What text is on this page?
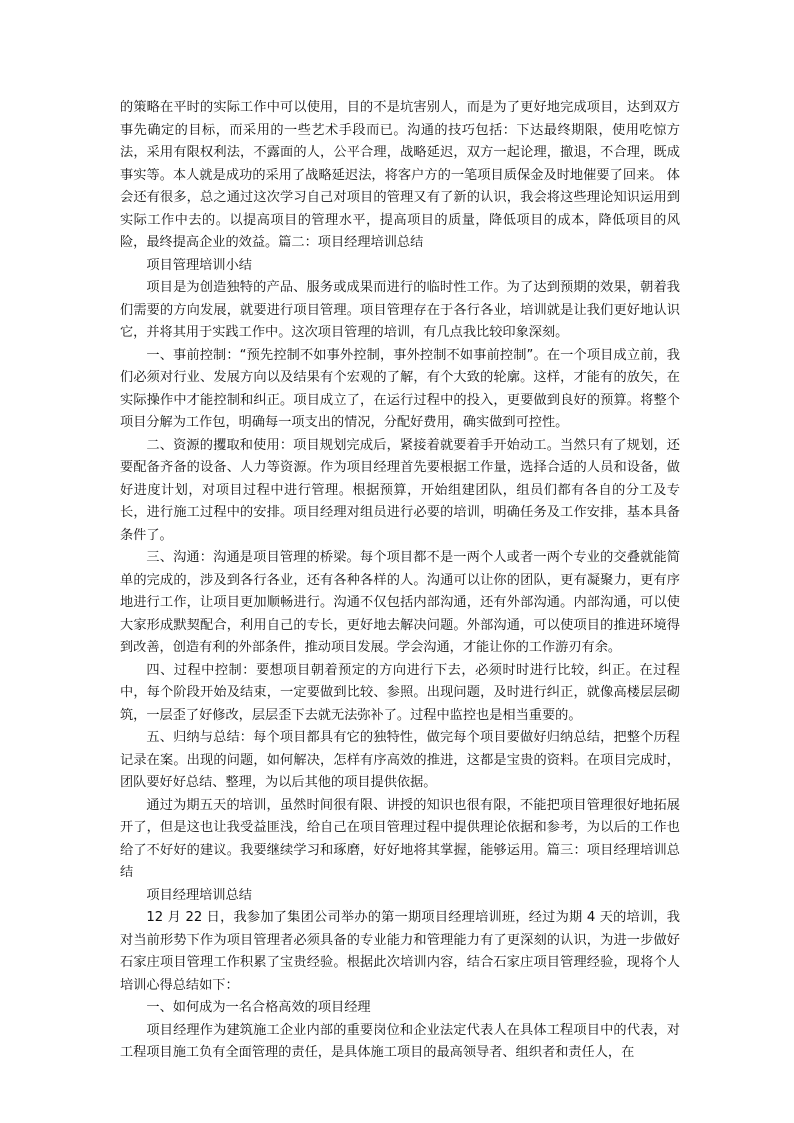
的策略在平时的实际工作中可以使用，目的不是坑害别人，而是为了更好地完成项目，达到双方事先确定的目标，而采用的一些艺术手段而已。沟通的技巧包括：下达最终期限，使用吃惊方法，采用有限权利法，不露面的人，公平合理，战略延迟，双方一起论理，撤退，不合理，既成事实等。本人就是成功的采用了战略延迟法，将客户方的一笔项目质保金及时地催要了回来。 体会还有很多，总之通过这次学习自己对项目的管理又有了新的认识，我会将这些理论知识运用到实际工作中去的。以提高项目的管理水平，提高项目的质量，降低项目的成本，降低项目的风险，最终提高企业的效益。篇二：项目经理培训总结

项目管理培训小结

项目是为创造独特的产品、服务或成果而进行的临时性工作。为了达到预期的效果，朝着我们需要的方向发展，就要进行项目管理。项目管理存在于各行各业，培训就是让我们更好地认识它，并将其用于实践工作中。这次项目管理的培训，有几点我比较印象深刻。

一、事前控制：“预先控制不如事外控制，事外控制不如事前控制”。在一个项目成立前，我们必须对行业、发展方向以及结果有个宏观的了解，有个大致的轮廓。这样，才能有的放矢，在实际操作中才能控制和纠正。项目成立了，在运行过程中的投入，更要做到良好的预算。将整个项目分解为工作包，明确每一项支出的情况，分配好费用，确实做到可控性。

二、资源的攫取和使用：项目规划完成后，紧接着就要着手开始动工。当然只有了规划，还要配备齐备的设备、人力等资源。作为项目经理首先要根据工作量，选择合适的人员和设备，做好进度计划，对项目过程中进行管理。根据预算，开始组建团队，组员们都有各自的分工及专长，进行施工过程中的安排。项目经理对组员进行必要的培训，明确任务及工作安排，基本具备条件了。

三、沟通：沟通是项目管理的桥梁。每个项目都不是一两个人或者一两个专业的交叠就能简单的完成的，涉及到各行各业，还有各种各样的人。沟通可以让你的团队，更有凝聚力，更有序地进行工作，让项目更加顺畅进行。沟通不仅包括内部沟通，还有外部沟通。内部沟通，可以使大家形成默契配合，利用自己的专长，更好地去解决问题。外部沟通，可以使项目的推进环境得到改善，创造有利的外部条件，推动项目发展。学会沟通，才能让你的工作游刃有余。

四、过程中控制：要想项目朝着预定的方向进行下去，必须时时进行比较，纠正。在过程中，每个阶段开始及结束，一定要做到比较、参照。出现问题，及时进行纠正，就像高楼层层砌筑，一层歪了好修改，层层歪下去就无法弥补了。过程中监控也是相当重要的。

五、归纳与总结：每个项目都具有它的独特性，做完每个项目要做好归纳总结，把整个历程记录在案。出现的问题，如何解决，怎样有序高效的推进，这都是宝贵的资料。在项目完成时，团队要好好总结、整理，为以后其他的项目提供依据。

通过为期五天的培训，虽然时间很有限、讲授的知识也很有限，不能把项目管理很好地拓展开了，但是这也让我受益匪浅，给自己在项目管理过程中提供理论依据和参考，为以后的工作也给了不好好的建议。我要继续学习和琢磨，好好地将其掌握，能够运用。篇三：项目经理培训总结

项目经理培训总结

12 月 22 日，我参加了集团公司举办的第一期项目经理培训班，经过为期 4 天的培训，我对当前形势下作为项目管理者必须具备的专业能力和管理能力有了更深刻的认识，为进一步做好石家庄项目管理工作积累了宝贵经验。根据此次培训内容，结合石家庄项目管理经验，现将个人培训心得总结如下：

一、如何成为一名合格高效的项目经理

项目经理作为建筑施工企业内部的重要岗位和企业法定代表人在具体工程项目中的代表，对工程项目施工负有全面管理的责任，是具体施工项目的最高领导者、组织者和责任人，在
